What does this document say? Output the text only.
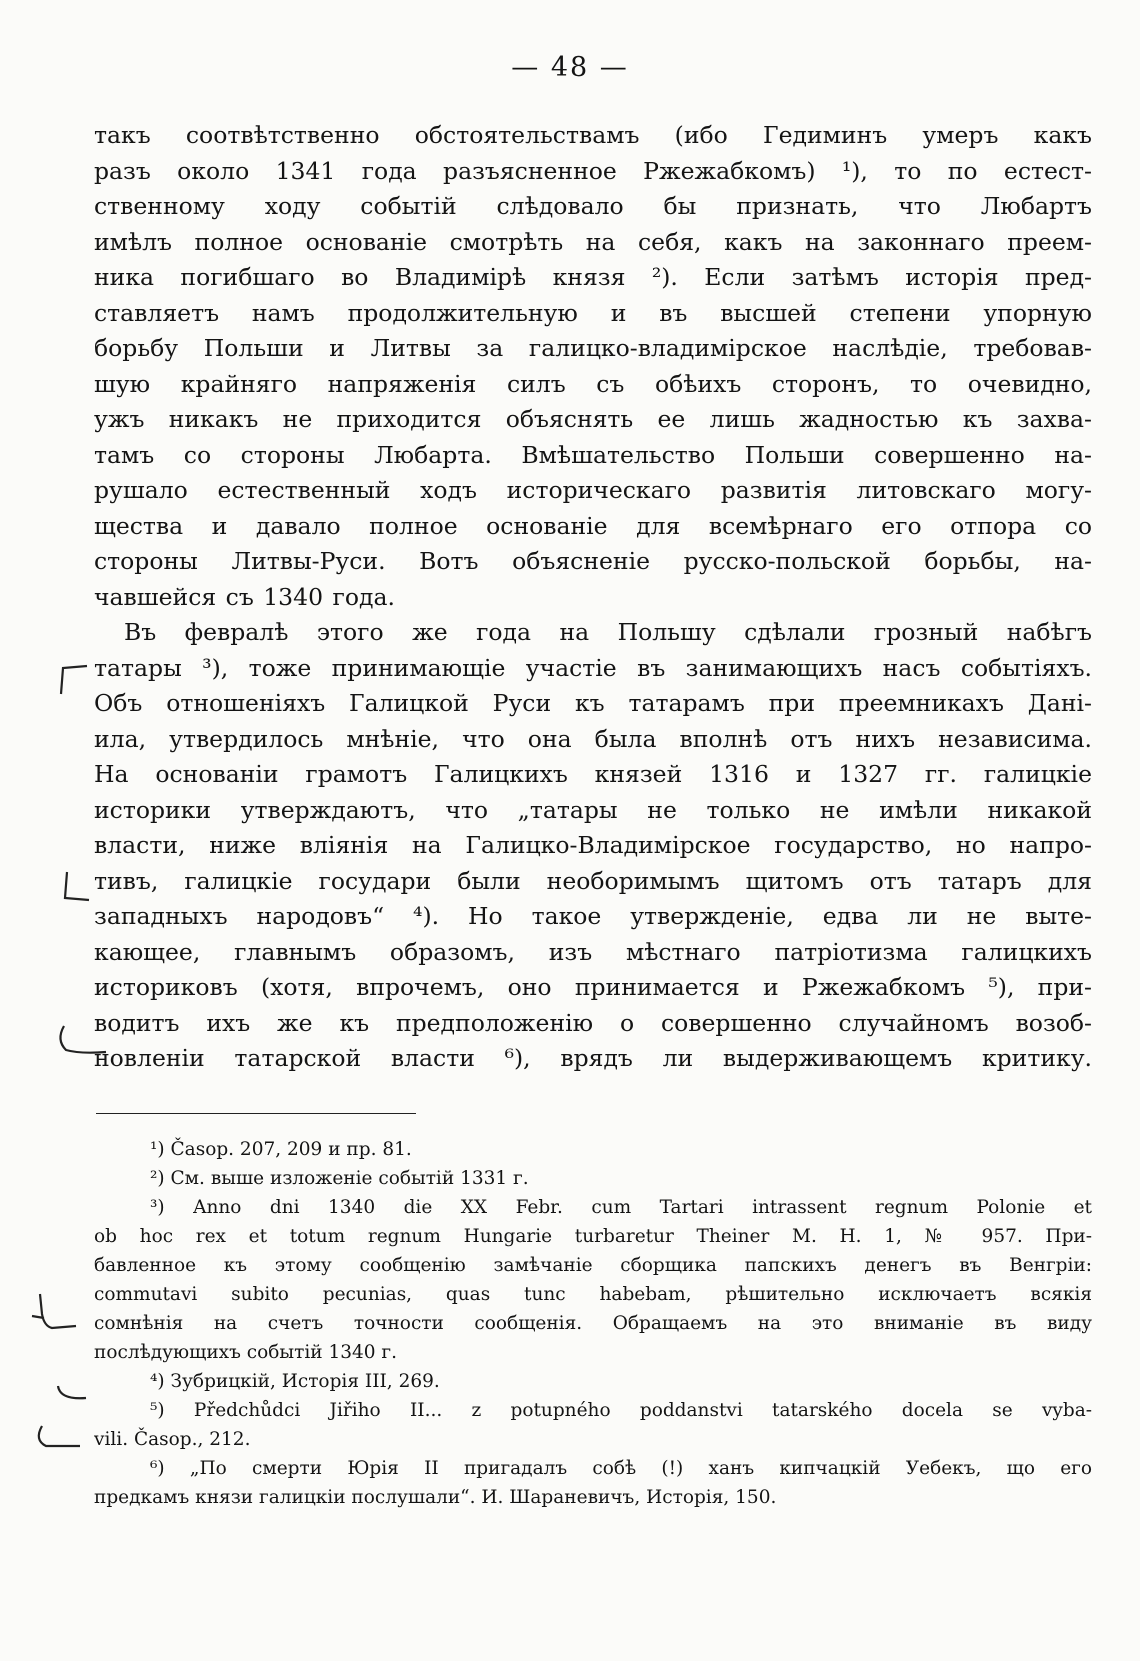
— 48 —
такъ соотвѣтственно обстоятельствамъ (ибо Гедиминъ умеръ какъ
разъ около 1341 года разъясненное Ржежабкомъ) ¹), то по естест-
ственному ходу событій слѣдовало бы признать, что Любартъ
имѣлъ полное основаніе смотрѣть на себя, какъ на законнаго преем-
ника погибшаго во Владимірѣ князя ²). Если затѣмъ исторія пред-
ставляетъ намъ продолжительную и въ высшей степени упорную
борьбу Польши и Литвы за галицко-владимірское наслѣдіе, требовав-
шую крайняго напряженія силъ съ обѣихъ сторонъ, то очевидно,
ужъ никакъ не приходится объяснять ее лишь жадностью къ захва-
тамъ со стороны Любарта. Вмѣшательство Польши совершенно на-
рушало естественный ходъ историческаго развитія литовскаго могу-
щества и давало полное основаніе для всемѣрнаго его отпора со
стороны Литвы-Руси. Вотъ объясненіе русско-польской борьбы, на-
чавшейся съ 1340 года.
Въ февралѣ этого же года на Польшу сдѣлали грозный набѣгъ
татары ³), тоже принимающіе участіе въ занимающихъ насъ событіяхъ.
Объ отношеніяхъ Галицкой Руси къ татарамъ при преемникахъ Дані-
ила, утвердилось мнѣніе, что она была вполнѣ отъ нихъ независима.
На основаніи грамотъ Галицкихъ князей 1316 и 1327 гг. галицкіе
историки утверждаютъ, что „татары не только не имѣли никакой
власти, ниже вліянія на Галицко-Владимірское государство, но напро-
тивъ, галицкіе государи были необоримымъ щитомъ отъ татаръ для
западныхъ народовъ“ ⁴). Но такое утвержденіе, едва ли не выте-
кающее, главнымъ образомъ, изъ мѣстнаго патріотизма галицкихъ
историковъ (хотя, впрочемъ, оно принимается и Ржежабкомъ ⁵), при-
водитъ ихъ же къ предположенію о совершенно случайномъ возоб-
новленіи татарской власти ⁶), врядъ ли выдерживающемъ критику.
¹) Časop. 207, 209 и пр. 81.
²) См. выше изложеніе событій 1331 г.
³) Anno dni 1340 die XX Febr. cum Tartari intrassent regnum Polonie et
ob hoc rex et totum regnum Hungarie turbaretur Theiner M. H. 1, № 957. При-
бавленное къ этому сообщенію замѣчаніе сборщика папскихъ денегъ въ Венгріи:
commutavi subito pecunias, quas tunc habebam, рѣшительно исключаетъ всякія
сомнѣнія на счетъ точности сообщенія. Обращаемъ на это вниманіе въ виду
послѣдующихъ событій 1340 г.
⁴) Зубрицкій, Исторія III, 269.
⁵) Předchůdci Jiřiho II... z potupného poddanstvi tatarského docela se vyba-
vili. Časop., 212.
⁶) „По смерти Юрія II пригадалъ собѣ (!) ханъ кипчацкій Уебекъ, що его
предкамъ князи галицкіи послушали“. И. Шараневичъ, Исторія, 150.
